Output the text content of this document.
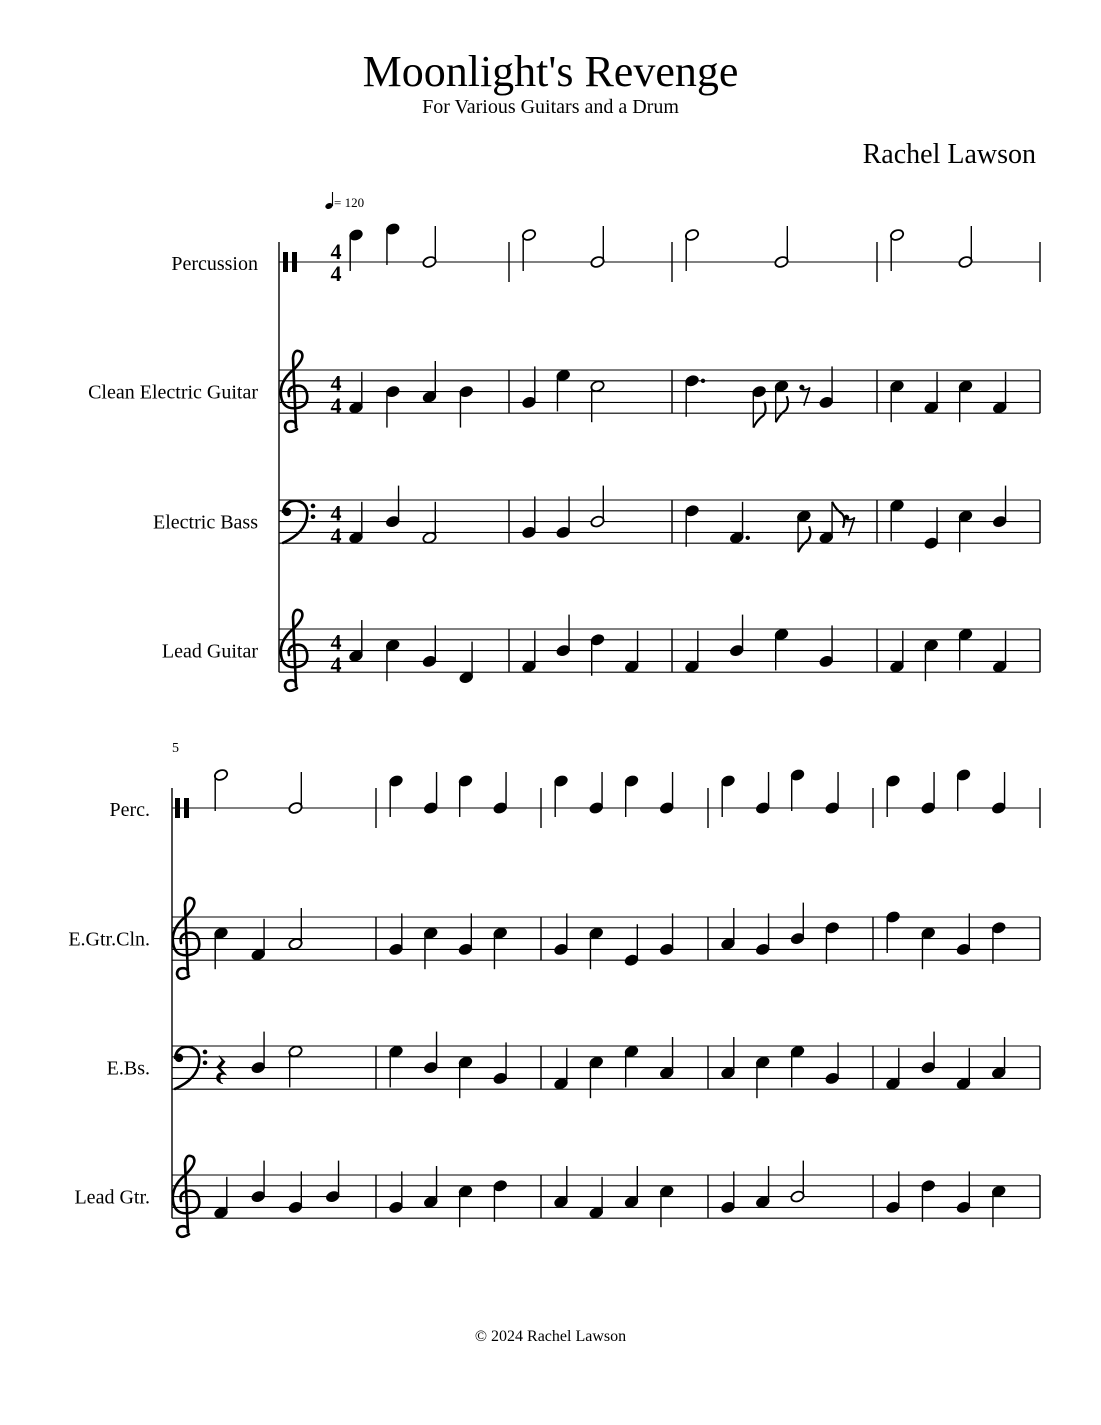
Moonlight's Revenge
For Various Guitars and a Drum
Rachel Lawson
= 120
Percussion	4
4
Clean Electric Guitar	4
4
Electric Bass	4
4
Lead Guitar	4
4
5
Perc.
E.Gtr.Cln.
E.Bs.
Lead Gtr.
© 2024 Rachel Lawson
